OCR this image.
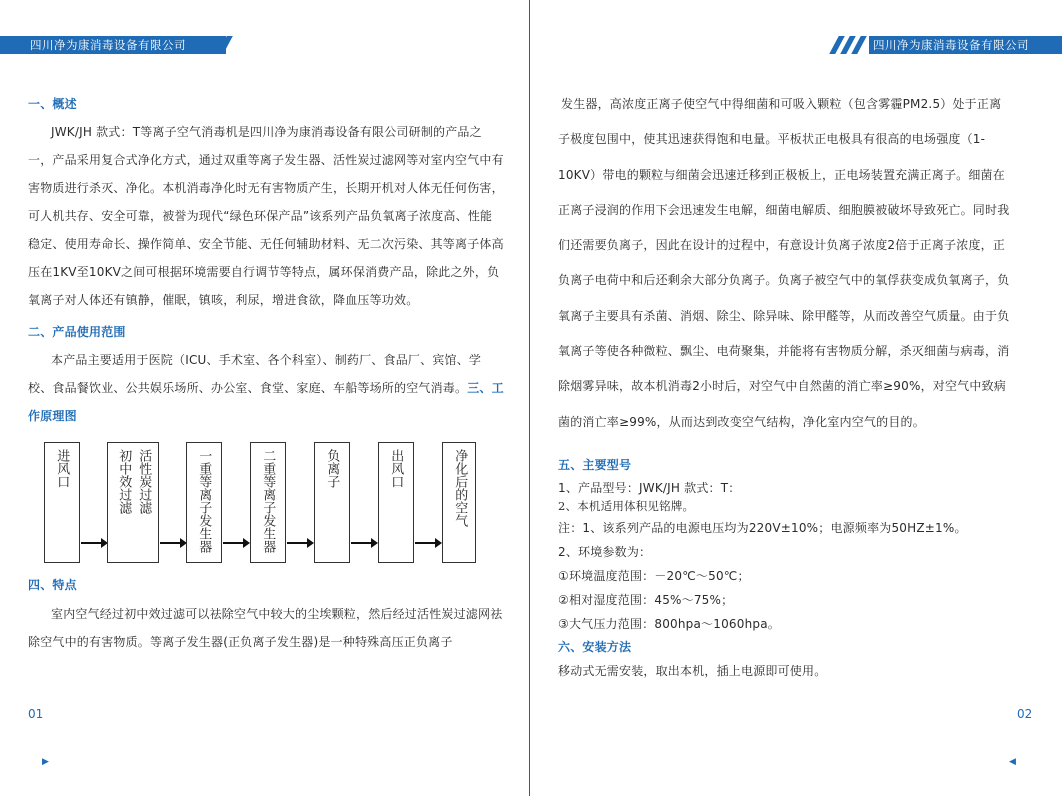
四川净为康消毒设备有限公司
一、概述
JWK/JH 款式：T等离子空气消毒机是四川净为康消毒设备有限公司研制的产品之
一，产品采用复合式净化方式，通过双重等离子发生器、活性炭过滤网等对室内空气中有
害物质进行杀灭、净化。本机消毒净化时无有害物质产生，长期开机对人体无任何伤害，
可人机共存、安全可靠，被誉为现代“绿色环保产品”该系列产品负氧离子浓度高、性能
稳定、使用寿命长、操作简单、安全节能、无任何辅助材料、无二次污染、其等离子体高
压在1KV至10KV之间可根据环境需要自行调节等特点，属环保消费产品，除此之外，负
氧离子对人体还有镇静，催眠，镇咳，利尿，增进食欲，降血压等功效。
二、产品使用范围
本产品主要适用于医院（ICU、手术室、各个科室）、制药厂、食品厂、宾馆、学
校、食品餐饮业、公共娱乐场所、办公室、食堂、家庭、车船等场所的空气消毒。三、工
作原理图
进风口	初中效过滤 活性炭过滤	一重等离子发生器	二重等离子发生器	负离子	出风口	净化后的空气
四、特点
室内空气经过初中效过滤可以祛除空气中较大的尘埃颗粒，然后经过活性炭过滤网祛
除空气中的有害物质。等离子发生器(正负离子发生器)是一种特殊高压正负离子
01
▶
四川净为康消毒设备有限公司
发生器，高浓度正离子使空气中得细菌和可吸入颗粒（包含雾霾PM2.5）处于正离
子极度包围中，使其迅速获得饱和电量。平板状正电极具有很高的电场强度（1-
10KV）带电的颗粒与细菌会迅速迁移到正极板上，正电场装置充满正离子。细菌在
正离子浸润的作用下会迅速发生电解，细菌电解质、细胞膜被破坏导致死亡。同时我
们还需要负离子，因此在设计的过程中，有意设计负离子浓度2倍于正离子浓度，正
负离子电荷中和后还剩余大部分负离子。负离子被空气中的氧俘获变成负氧离子，负
氧离子主要具有杀菌、消烟、除尘、除异味、除甲醛等，从而改善空气质量。由于负
氧离子等使各种微粒、飘尘、电荷聚集，并能将有害物质分解，杀灭细菌与病毒，消
除烟雾异味，故本机消毒2小时后，对空气中自然菌的消亡率≥90%，对空气中致病
菌的消亡率≥99%，从而达到改变空气结构，净化室内空气的目的。
五、主要型号
1、产品型号：JWK/JH 款式：T：
2、本机适用体积见铭牌。
注：1、该系列产品的电源电压均为220V±10%；电源频率为50HZ±1%。
2、环境参数为：
①环境温度范围：－20℃～50℃；
②相对湿度范围：45%～75%；
③大气压力范围：800hpa～1060hpa。
六、安装方法
移动式无需安装，取出本机，插上电源即可使用。
02
◀
